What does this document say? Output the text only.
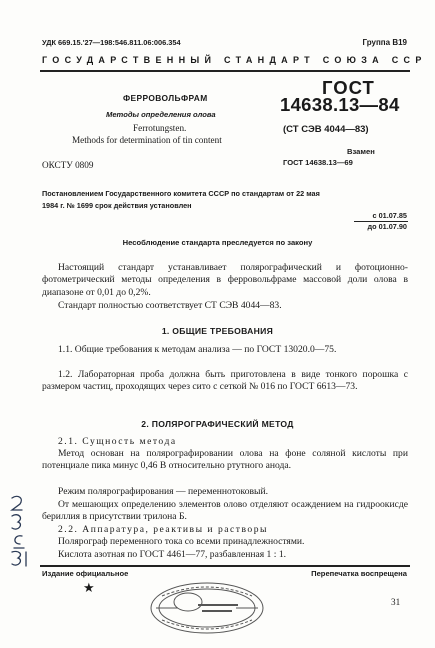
УДК 669.15.'27—198:546.811.06:006.354	Группа В19
ГОСУДАРСТВЕННЫЙ СТАНДАРТ СОЮЗА ССР
ФЕРРОВОЛЬФРАМ
Методы определения олова
Ferrotungsten.
Methods for determination of tin content
ГОСТ
14638.13—84
(СТ СЭВ 4044—83)
Взамен
ГОСТ 14638.13—69
ОКСТУ 0809
Постановлением Государственного комитета СССР по стандартам от 22 мая
1984 г. № 1699 срок действия установлен
с 01.07.85
до 01.07.90
Несоблюдение стандарта преследуется по закону
Настоящий стандарт устанавливает полярографический и фотоционно-фотометрический методы определения в ферровольфраме массовой доли олова в диапазоне от 0,01 до 0,2%.
Стандарт полностью соответствует СТ СЭВ 4044—83.
1. ОБЩИЕ ТРЕБОВАНИЯ
1.1. Общие требования к методам анализа — по ГОСТ 13020.0—75.
1.2. Лабораторная проба должна быть приготовлена в виде тонкого порошка с размером частиц, проходящих через сито с сеткой № 016 по ГОСТ 6613—73.
2. ПОЛЯРОГРАФИЧЕСКИЙ МЕТОД
2.1. Сущность метода
Метод основан на полярографировании олова на фоне соляной кислоты при потенциале пика минус 0,46 В относительно ртутного анода.
Режим полярографирования — переменнотоковый.
От мешающих определению элементов олово отделяют осаждением на гидроокисде бериллия в присутствии трилона Б.
2.2. Аппаратура, реактивы и растворы
Полярограф переменного тока со всеми принадлежностями.
Кислота азотная по ГОСТ 4461—77, разбавленная 1 : 1.
Издание официальное	Перепечатка воспрещена
★
31
